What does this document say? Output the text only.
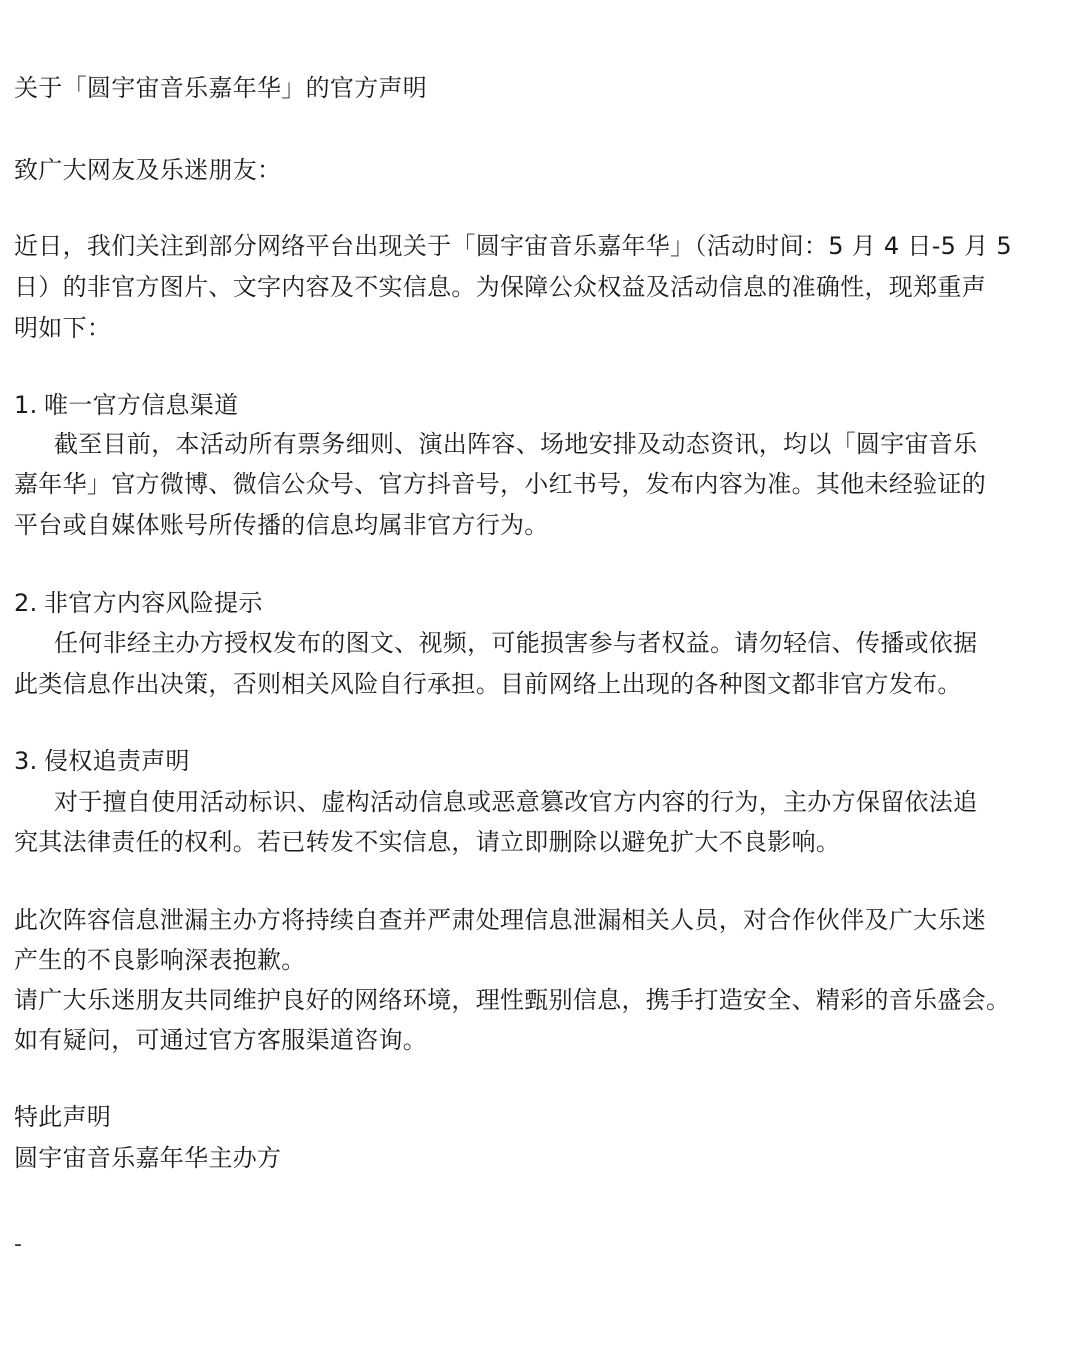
关于「圆宇宙音乐嘉年华」的官方声明
致广大网友及乐迷朋友：
近日，我们关注到部分网络平台出现关于「圆宇宙音乐嘉年华」（活动时间：5 月 4 日-5 月 5
日）的非官方图片、文字内容及不实信息。为保障公众权益及活动信息的准确性，现郑重声
明如下：
1. 唯一官方信息渠道
截至目前，本活动所有票务细则、演出阵容、场地安排及动态资讯，均以「圆宇宙音乐
嘉年华」官方微博、微信公众号、官方抖音号，小红书号，发布内容为准。其他未经验证的
平台或自媒体账号所传播的信息均属非官方行为。
2. 非官方内容风险提示
任何非经主办方授权发布的图文、视频，可能损害参与者权益。请勿轻信、传播或依据
此类信息作出决策，否则相关风险自行承担。目前网络上出现的各种图文都非官方发布。
3. 侵权追责声明
对于擅自使用活动标识、虚构活动信息或恶意篡改官方内容的行为，主办方保留依法追
究其法律责任的权利。若已转发不实信息，请立即删除以避免扩大不良影响。
此次阵容信息泄漏主办方将持续自查并严肃处理信息泄漏相关人员，对合作伙伴及广大乐迷
产生的不良影响深表抱歉。
请广大乐迷朋友共同维护良好的网络环境，理性甄别信息，携手打造安全、精彩的音乐盛会。
如有疑问，可通过官方客服渠道咨询。
特此声明
圆宇宙音乐嘉年华主办方
-
